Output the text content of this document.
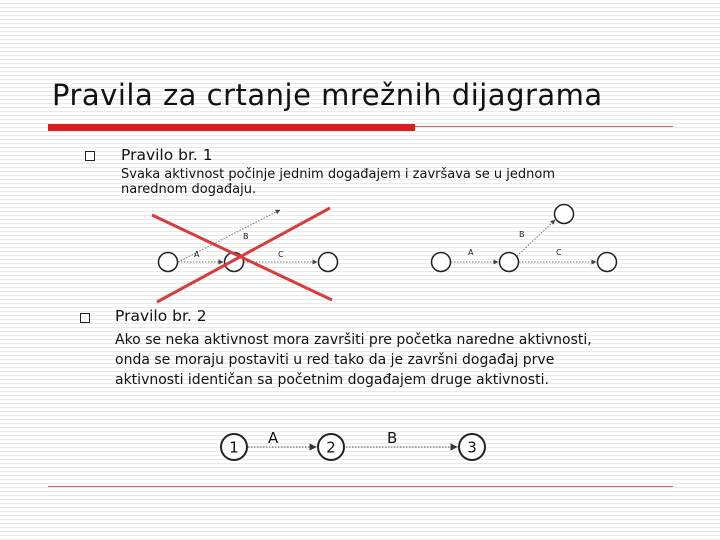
Pravila za crtanje mrežnih dijagrama
Pravilo br. 1
Svaka aktivnost počinje jednim događajem i završava se u jednom
narednom događaju.
Pravilo br. 2
Ako se neka aktivnost mora završiti pre početka naredne aktivnosti,
onda se moraju postaviti u red tako da je završni događaj prve
aktivnosti identičan sa početnim događajem druge aktivnosti.
A
B
C	A
B
C
1	2	3
A	B
